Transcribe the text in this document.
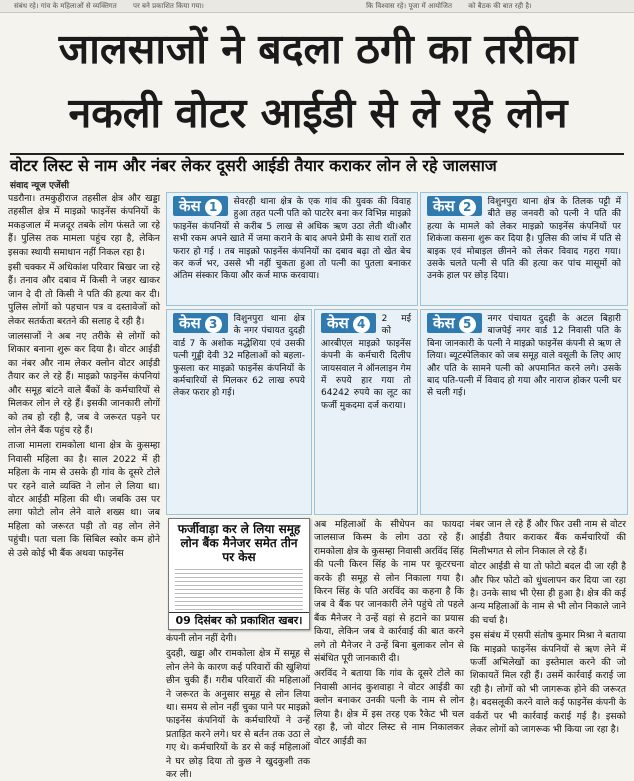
संबंध रहे। गांव के महिलाओं से व्यक्तिगत पर बने प्रकाशित किया गया।	कि विश्वास रहे। पूजा में आयोजित को बैठक की बात रही है।
जालसाजों ने बदला ठगी का तरीका
नकली वोटर आईडी से ले रहे लोन
वोटर लिस्ट से नाम और नंबर लेकर दूसरी आईडी तैयार कराकर लोन ले रहे जालसाज
संवाद न्यूज एजेंसी

पडरौना। तमकुहीराज तहसील क्षेत्र और खड्डा तहसील क्षेत्र में माइक्रो फाइनेंस कंपनियों के मकड़जाल में मजदूर तबके लोग फंसते जा रहे हैं। पुलिस तक मामला पहुंच रहा है, लेकिन इसका स्थायी समाधान नहीं निकल रहा है।

इसी चक्कर में अधिकांश परिवार बिखर जा रहे हैं। तनाव और दबाव में किसी ने जहर खाकर जान दे दी तो किसी ने पति की हत्या कर दी। पुलिस लोगों को पहचान पत्र व दस्तावेजों को लेकर सतर्कता बरतने की सलाह दे रही है।

जालसाजों ने अब नए तरीके से लोगों को शिकार बनाना शुरू कर दिया है। वोटर आईडी का नंबर और नाम लेकर क्लोन वोटर आईडी तैयार कर ले रहे हैं। माइक्रो फाइनेंस कंपनियां और समूह बांटने वाले बैंकों के कर्मचारियों से मिलकर लोन ले रहे हैं। इसकी जानकारी लोगों को तब हो रही है, जब वे जरूरत पड़ने पर लोन लेने बैंक पहुंच रहे हैं।

ताजा मामला रामकोला थाना क्षेत्र के कुसम्हा निवासी महिला का है। साल 2022 में ही महिला के नाम से उसके ही गांव के दूसरे टोले पर रहने वाले व्यक्ति ने लोन ले लिया था। वोटर आईडी महिला की थी। जबकि उस पर लगा फोटो लोन लेने वाले शख्स था। जब महिला को जरूरत पड़ी तो वह लोन लेने पहुंची। पता चला कि सिबिल स्कोर कम होने से उसे कोई भी बैंक अथवा फाइनेंस

केस 1	सेवरही थाना क्षेत्र के एक गांव की युवक की विवाह हुआ तहत पत्नी पति को पाटरेर बना कर विभिन्न माइक्रो फाइनेंस कंपनियों से करीब 5 लाख से अधिक ऋण उठा लेती थी।और सभी रकम अपने खाते में जमा कराने के बाद अपने प्रेमी के साथ रातों रात फरार हो गई । तब माइक्रो फाइनेंस कंपनियों का दबाव बढ़ा तो खेत बेच कर कर्ज भर, उससे भी नहीं चुकता हुआ तो पत्नी का पुतला बनाकर अंतिम संस्कार किया और कर्ज माफ करवाया।
केस 2	विशुनपुरा थाना क्षेत्र के तिलक पट्टी में बीते छह जनवरी को पत्नी ने पति की हत्या के मामले को लेकर माइक्रो फाइनेंस कंपनियों पर शिकंजा कसना शुरू कर दिया है। पुलिस की जांच में पति से बाइक एवं मोबाइल छीनने को लेकर विवाद गहरा गया। उसके चलते पत्नी से पति की हत्या कर पांच मासूमों को उनके हाल पर छोड़ दिया।
केस 3	विशुनपुरा थाना क्षेत्र के नगर पंचायत दुदही वार्ड 7 के अशोक मद्धेशिया एवं उसकी पत्नी गुड्डी देवी 32 महिलाओं को बहला-फुसला कर माइक्रो फाइनेंस कंपनियों के कर्मचारियों से मिलकर 62 लाख रुपये लेकर फरार हो गई।
केस 4	2 मई को आरबीएल माइक्रो फाइनेंस कंपनी के कर्मचारी दिलीप जायसवाल ने ऑनलाइन गेम में रुपये हार गया तो 64242 रुपये का लूट का फर्जी मुकदमा दर्ज कराया।
केस 5	नगर पंचायत दुदही के अटल बिहारी बाजपेई नगर वार्ड 12 निवासी पति के बिना जानकारी के पत्नी ने माइक्रो फाइनेंस कंपनी से ऋण ले लिया। ब्यूटस्पेलिकार को जब समूह वाले वसूली के लिए आए और पति के सामने पत्नी को अपमानित करने लगे। उसके बाद पति-पत्नी में विवाद हो गया और नाराज होकर पत्नी घर से चली गई।
फर्जीवाड़ा कर ले लिया समूह लोन बैंक मैनेजर समेत तीन पर केस
09 दिसंबर को प्रकाशित खबर।

कंपनी लोन नहीं देगी।

दुदही, खड्डा और रामकोला क्षेत्र में समूह से लोन लेने के कारण कई परिवारों की खुशियां छीन चुकी हैं। गरीब परिवारों की महिलाओं ने जरूरत के अनुसार समूह से लोन लिया था। समय से लोन नहीं चुका पाने पर माइक्रो फाइनेंस कंपनियों के कर्मचारियों ने उन्हें प्रताड़ित करने लगे। घर से बर्तन तक उठा ले गए थे। कर्मचारियों के डर से कई महिलाओं ने घर छोड़ दिया तो कुछ ने खुदकुशी तक कर ली।

अब महिलाओं के सीधेपन का फायदा जालसाज किस्म के लोग उठा रहे हैं। रामकोला क्षेत्र के कुसम्हा निवासी अरविंद सिंह की पत्नी किरन सिंह के नाम पर कूटरचना करके ही समूह से लोन निकाला गया है। किरन सिंह के पति अरविंद का कहना है कि जब वे बैंक पर जानकारी लेने पहुंचे तो पहले बैंक मैनेजर ने उन्हें वहां से हटाने का प्रयास किया, लेकिन जब वे कार्रवाई की बात करने लगे तो मैनेजर ने उन्हें बिना बुलाकर लोन से संबंधित पूरी जानकारी दी।

अरविंद ने बताया कि गांव के दूसरे टोले का निवासी आनंद कुशवाहा ने वोटर आईडी का क्लोन बनाकर उनकी पत्नी के नाम से लोन लिया है। क्षेत्र में इस तरह एक रैकेट भी चल रहा है, जो वोटर लिस्ट से नाम निकालकर वोटर आईडी का

नंबर जान ले रहे हैं और फिर उसी नाम से वोटर आईडी तैयार कराकर बैंक कर्मचारियों की मिलीभगत से लोन निकाल ले रहे हैं।

वोटर आईडी से या तो फोटो बदल दी जा रही है और फिर फोटो को धुंधलापन कर दिया जा रहा है। उनके साथ भी ऐसा ही हुआ है। क्षेत्र की कई अन्य महिलाओं के नाम से भी लोन निकाले जाने की चर्चा है।

इस संबंध में एसपी संतोष कुमार मिश्रा ने बताया कि माइक्रो फाइनेंस कंपनियों से ऋण लेने में फर्जी अभिलेखों का इस्तेमाल करने की जो शिकायतें मिल रही हैं। उसमें कार्रवाई कराई जा रही है। लोगों को भी जागरूक होने की जरूरत है। बदसलूकी करने वाले कई फाइनेंस कंपनी के वर्करों पर भी कार्रवाई कराई गई है। इसको लेकर लोगों को जागरूक भी किया जा रहा है।
